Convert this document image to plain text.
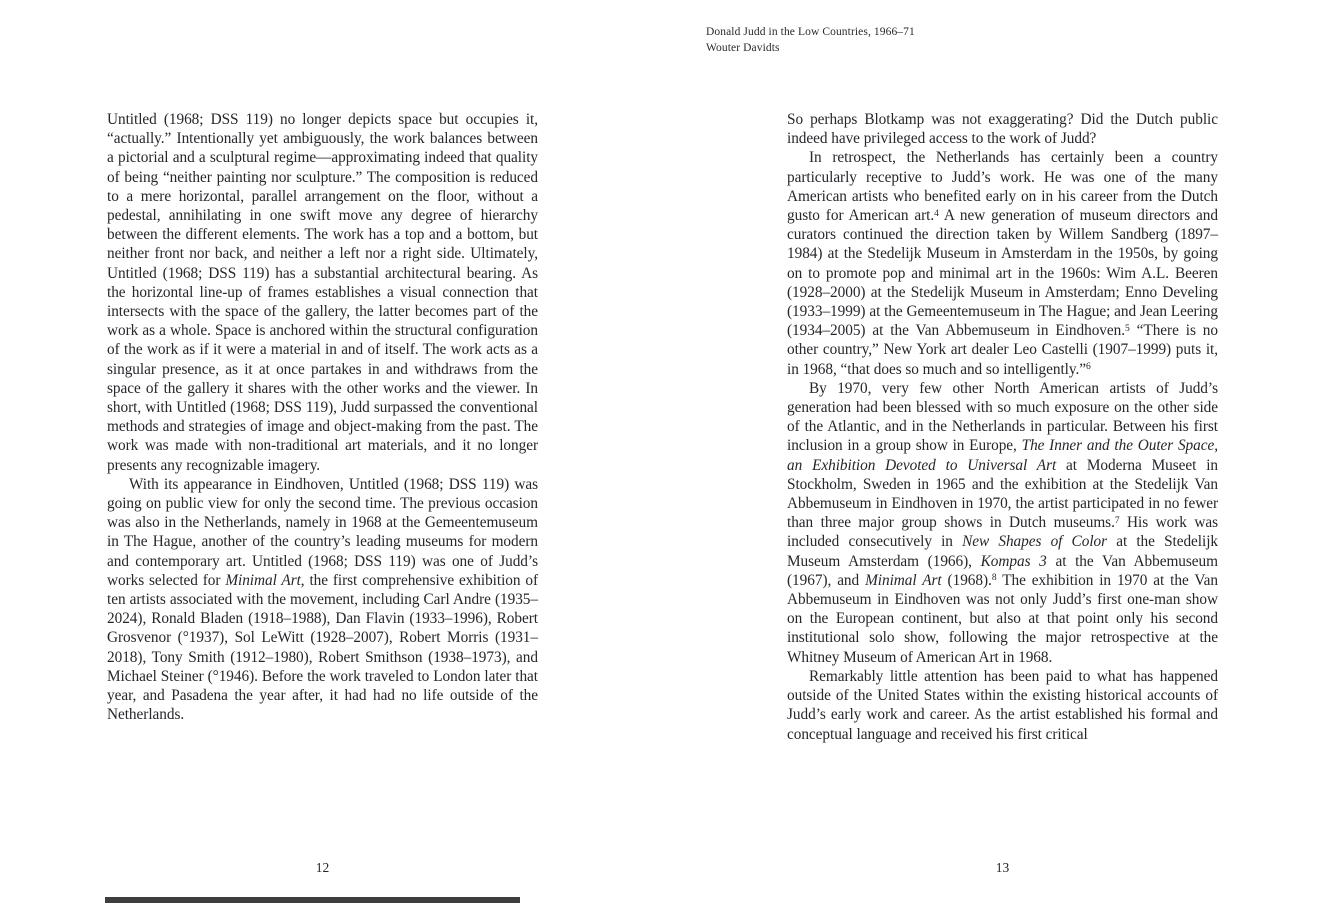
Donald Judd in the Low Countries, 1966–71
Wouter Davidts

Untitled (1968; DSS 119) no longer depicts space but occupies it, “actually.” Intentionally yet ambiguously, the work balances between a pictorial and a sculptural regime—approximating indeed that quality of being “neither painting nor sculpture.” The composition is reduced to a mere horizontal, parallel arrangement on the floor, without a pedestal, annihilating in one swift move any degree of hierarchy between the different elements. The work has a top and a bottom, but neither front nor back, and neither a left nor a right side. Ultimately, Untitled (1968; DSS 119) has a substantial architectural bearing. As the horizontal line-up of frames establishes a visual connection that intersects with the space of the gallery, the latter becomes part of the work as a whole. Space is anchored within the structural configuration of the work as if it were a material in and of itself. The work acts as a singular presence, as it at once partakes in and withdraws from the space of the gallery it shares with the other works and the viewer. In short, with Untitled (1968; DSS 119), Judd surpassed the conventional methods and strategies of image and object-making from the past. The work was made with non-traditional art materials, and it no longer presents any recognizable imagery.

With its appearance in Eindhoven, Untitled (1968; DSS 119) was going on public view for only the second time. The previous occasion was also in the Netherlands, namely in 1968 at the Gemeentemuseum in The Hague, another of the country’s leading museums for modern and contemporary art. Untitled (1968; DSS 119) was one of Judd’s works selected for Minimal Art, the first comprehensive exhibition of ten artists associated with the movement, including Carl Andre (1935–2024), Ronald Bladen (1918–1988), Dan Flavin (1933–1996), Robert Grosvenor (°1937), Sol LeWitt (1928–2007), Robert Morris (1931–2018), Tony Smith (1912–1980), Robert Smithson (1938–1973), and Michael Steiner (°1946). Before the work traveled to London later that year, and Pasadena the year after, it had had no life outside of the Netherlands.

So perhaps Blotkamp was not exaggerating? Did the Dutch public indeed have privileged access to the work of Judd?

In retrospect, the Netherlands has certainly been a country particularly receptive to Judd’s work. He was one of the many American artists who benefited early on in his career from the Dutch gusto for American art.$^4$ A new generation of museum directors and curators continued the direction taken by Willem Sandberg (1897–1984) at the Stedelijk Museum in Amsterdam in the 1950s, by going on to promote pop and minimal art in the 1960s: Wim A.L. Beeren (1928–2000) at the Stedelijk Museum in Amsterdam; Enno Develing (1933–1999) at the Gemeentemuseum in The Hague; and Jean Leering (1934–2005) at the Van Abbemuseum in Eindhoven.$^5$ “There is no other country,” New York art dealer Leo Castelli (1907–1999) puts it, in 1968, “that does so much and so intelligently.”$^6$

By 1970, very few other North American artists of Judd’s generation had been blessed with so much exposure on the other side of the Atlantic, and in the Netherlands in particular. Between his first inclusion in a group show in Europe, The Inner and the Outer Space, an Exhibition Devoted to Universal Art at Moderna Museet in Stockholm, Sweden in 1965 and the exhibition at the Stedelijk Van Abbemuseum in Eindhoven in 1970, the artist participated in no fewer than three major group shows in Dutch museums.$^7$ His work was included consecutively in New Shapes of Color at the Stedelijk Museum Amsterdam (1966), Kompas 3 at the Van Abbemuseum (1967), and Minimal Art (1968).$^8$ The exhibition in 1970 at the Van Abbemuseum in Eindhoven was not only Judd’s first one-man show on the European continent, but also at that point only his second institutional solo show, following the major retrospective at the Whitney Museum of American Art in 1968.

Remarkably little attention has been paid to what has happened outside of the United States within the existing historical accounts of Judd’s early work and career. As the artist established his formal and conceptual language and received his first critical

12	13
